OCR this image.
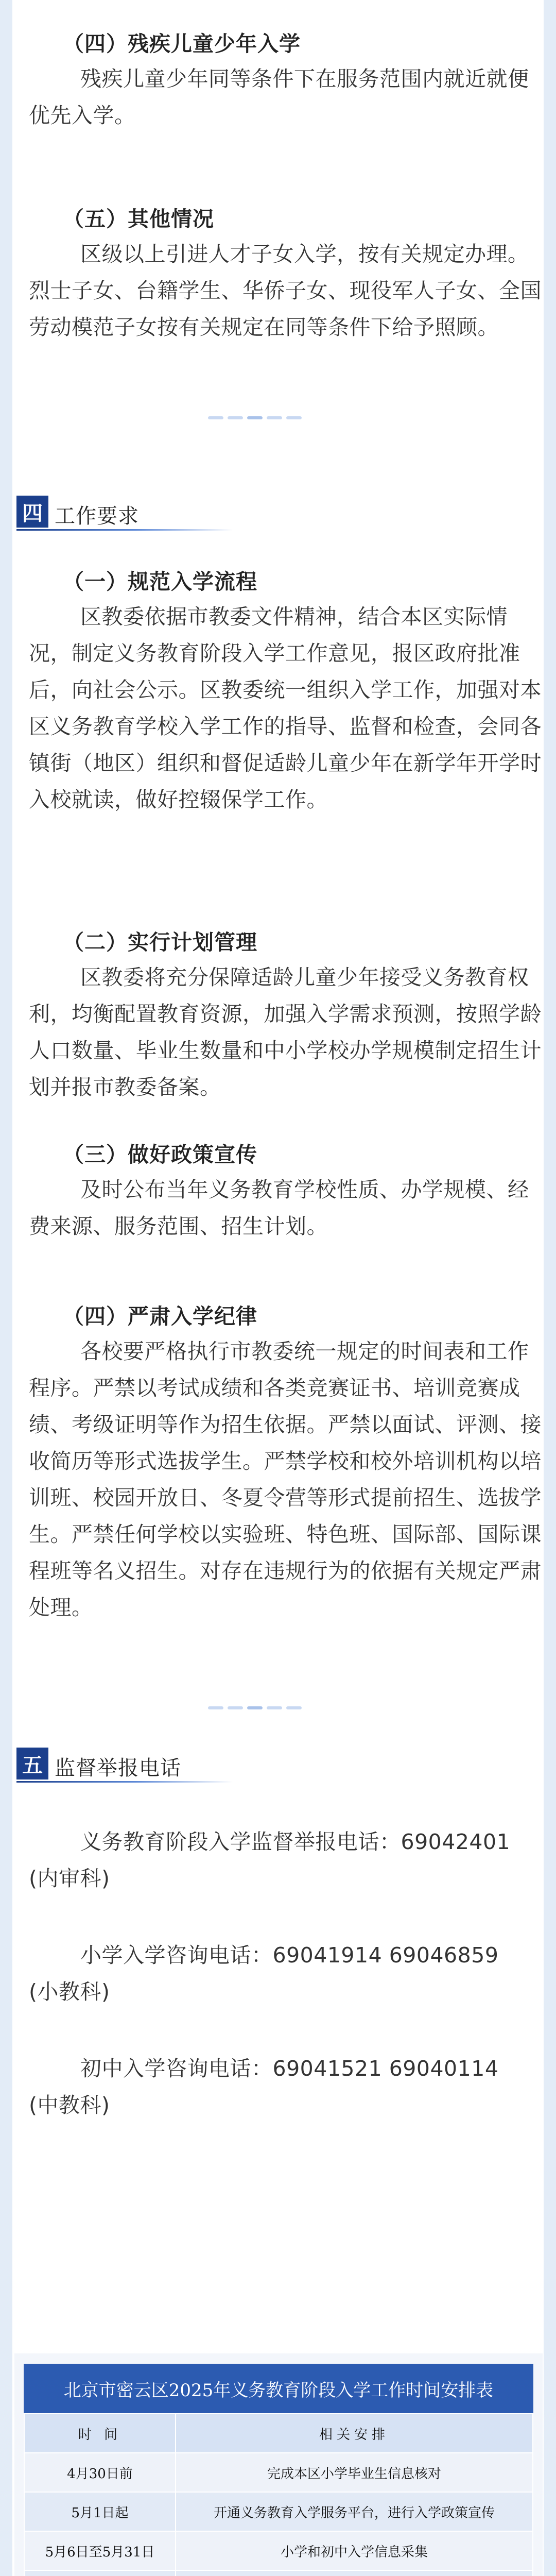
（四）残疾儿童少年入学

残疾儿童少年同等条件下在服务范围内就近就便优先入学。

（五）其他情况

区级以上引进人才子女入学，按有关规定办理。烈士子女、台籍学生、华侨子女、现役军人子女、全国劳动模范子女按有关规定在同等条件下给予照顾。

四 工作要求
（一）规范入学流程

区教委依据市教委文件精神，结合本区实际情况，制定义务教育阶段入学工作意见，报区政府批准后，向社会公示。区教委统一组织入学工作，加强对本区义务教育学校入学工作的指导、监督和检查，会同各镇街（地区）组织和督促适龄儿童少年在新学年开学时入校就读，做好控辍保学工作。

（二）实行计划管理

区教委将充分保障适龄儿童少年接受义务教育权利，均衡配置教育资源，加强入学需求预测，按照学龄人口数量、毕业生数量和中小学校办学规模制定招生计划并报市教委备案。

（三）做好政策宣传

及时公布当年义务教育学校性质、办学规模、经费来源、服务范围、招生计划。

（四）严肃入学纪律

各校要严格执行市教委统一规定的时间表和工作程序。严禁以考试成绩和各类竞赛证书、培训竞赛成绩、考级证明等作为招生依据。严禁以面试、评测、接收简历等形式选拔学生。严禁学校和校外培训机构以培训班、校园开放日、冬夏令营等形式提前招生、选拔学生。严禁任何学校以实验班、特色班、国际部、国际课程班等名义招生。对存在违规行为的依据有关规定严肃处理。

五 监督举报电话

义务教育阶段入学监督举报电话：69042401
(内审科)

小学入学咨询电话：69041914 69046859
(小教科)

初中入学咨询电话：69041521 69040114
(中教科)

北京市密云区2025年义务教育阶段入学工作时间安排表
时 间	相关安排
4月30日前	完成本区小学毕业生信息核对
5月1日起	开通义务教育入学服务平台，进行入学政策宣传
5月6日至5月31日	小学和初中入学信息采集
